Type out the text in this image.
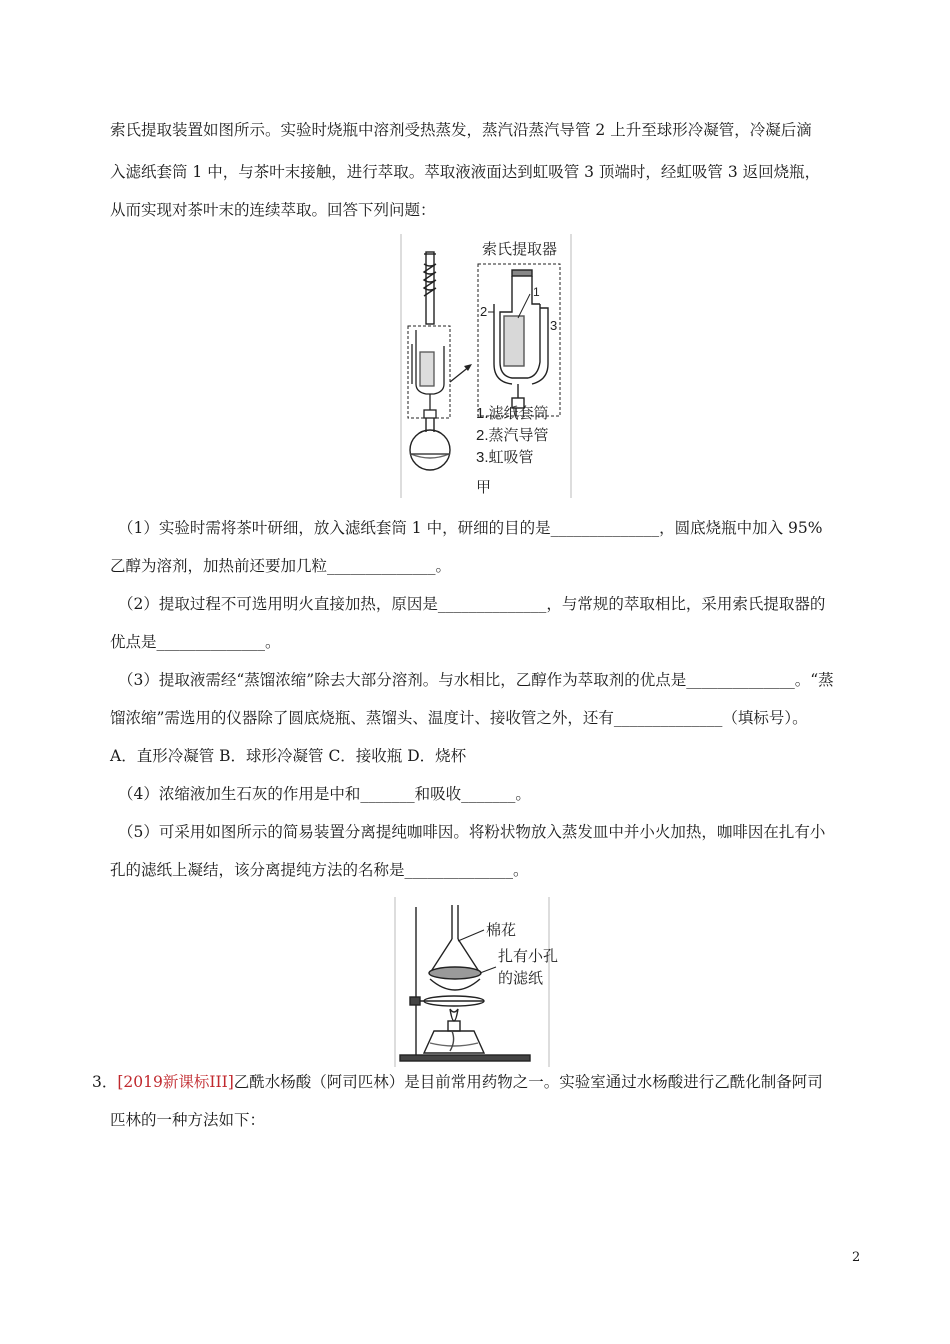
索氏提取装置如图所示。实验时烧瓶中溶剂受热蒸发，蒸汽沿蒸汽导管 2 上升至球形冷凝管，冷凝后滴
入滤纸套筒 1 中，与茶叶末接触，进行萃取。萃取液液面达到虹吸管 3 顶端时，经虹吸管 3 返回烧瓶，
从而实现对茶叶末的连续萃取。回答下列问题：
索氏提取器
1
2
3
1.滤纸套筒
2.蒸汽导管
3.虹吸管
甲
（1）实验时需将茶叶研细，放入滤纸套筒 1 中，研细的目的是______________，圆底烧瓶中加入 95%
乙醇为溶剂，加热前还要加几粒______________。
（2）提取过程不可选用明火直接加热，原因是______________，与常规的萃取相比，采用索氏提取器的
优点是______________。
（3）提取液需经“蒸馏浓缩”除去大部分溶剂。与水相比，乙醇作为萃取剂的优点是______________。“蒸
馏浓缩”需选用的仪器除了圆底烧瓶、蒸馏头、温度计、接收管之外，还有______________（填标号）。
A．直形冷凝管 B．球形冷凝管 C．接收瓶 D．烧杯
（4）浓缩液加生石灰的作用是中和_______和吸收_______。
（5）可采用如图所示的简易装置分离提纯咖啡因。将粉状物放入蒸发皿中并小火加热，咖啡因在扎有小
孔的滤纸上凝结，该分离提纯方法的名称是______________。
棉花
扎有小孔
的滤纸
3．[2019新课标III]乙酰水杨酸（阿司匹林）是目前常用药物之一。实验室通过水杨酸进行乙酰化制备阿司
匹林的一种方法如下：
2
